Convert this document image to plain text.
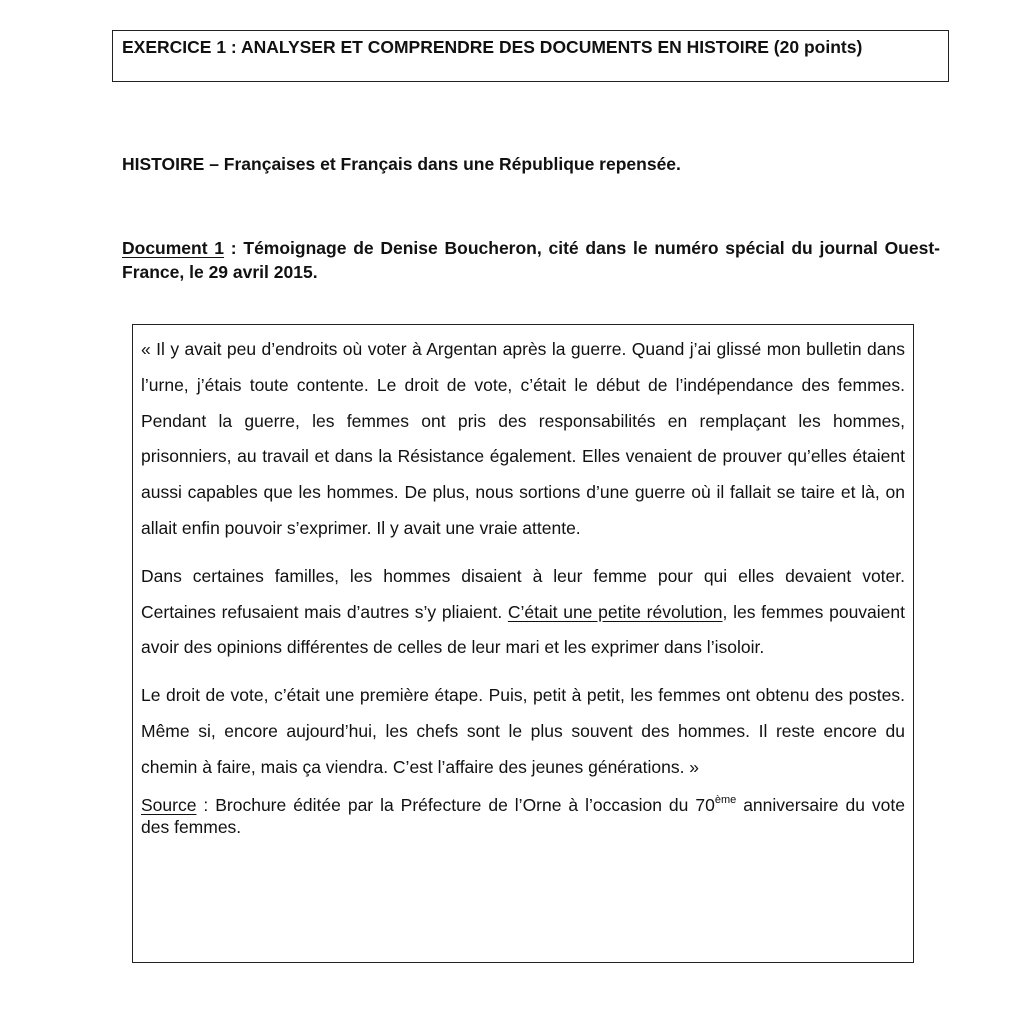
EXERCICE 1 : ANALYSER ET COMPRENDRE DES DOCUMENTS EN HISTOIRE (20 points)
HISTOIRE – Françaises et Français dans une République repensée.
Document 1 : Témoignage de Denise Boucheron, cité dans le numéro spécial du journal Ouest-France, le 29 avril 2015.

« Il y avait peu d’endroits où voter à Argentan après la guerre. Quand j’ai glissé mon bulletin dans l’urne, j’étais toute contente. Le droit de vote, c’était le début de l’indépendance des femmes. Pendant la guerre, les femmes ont pris des responsabilités en remplaçant les hommes, prisonniers, au travail et dans la Résistance également. Elles venaient de prouver qu’elles étaient aussi capables que les hommes. De plus, nous sortions d’une guerre où il fallait se taire et là, on allait enfin pouvoir s’exprimer. Il y avait une vraie attente.

Dans certaines familles, les hommes disaient à leur femme pour qui elles devaient voter. Certaines refusaient mais d’autres s’y pliaient. C’était une petite révolution, les femmes pouvaient avoir des opinions différentes de celles de leur mari et les exprimer dans l’isoloir.

Le droit de vote, c’était une première étape. Puis, petit à petit, les femmes ont obtenu des postes. Même si, encore aujourd’hui, les chefs sont le plus souvent des hommes. Il reste encore du chemin à faire, mais ça viendra. C’est l’affaire des jeunes générations. »

Source : Brochure éditée par la Préfecture de l’Orne à l’occasion du 70ème anniversaire du vote des femmes.
